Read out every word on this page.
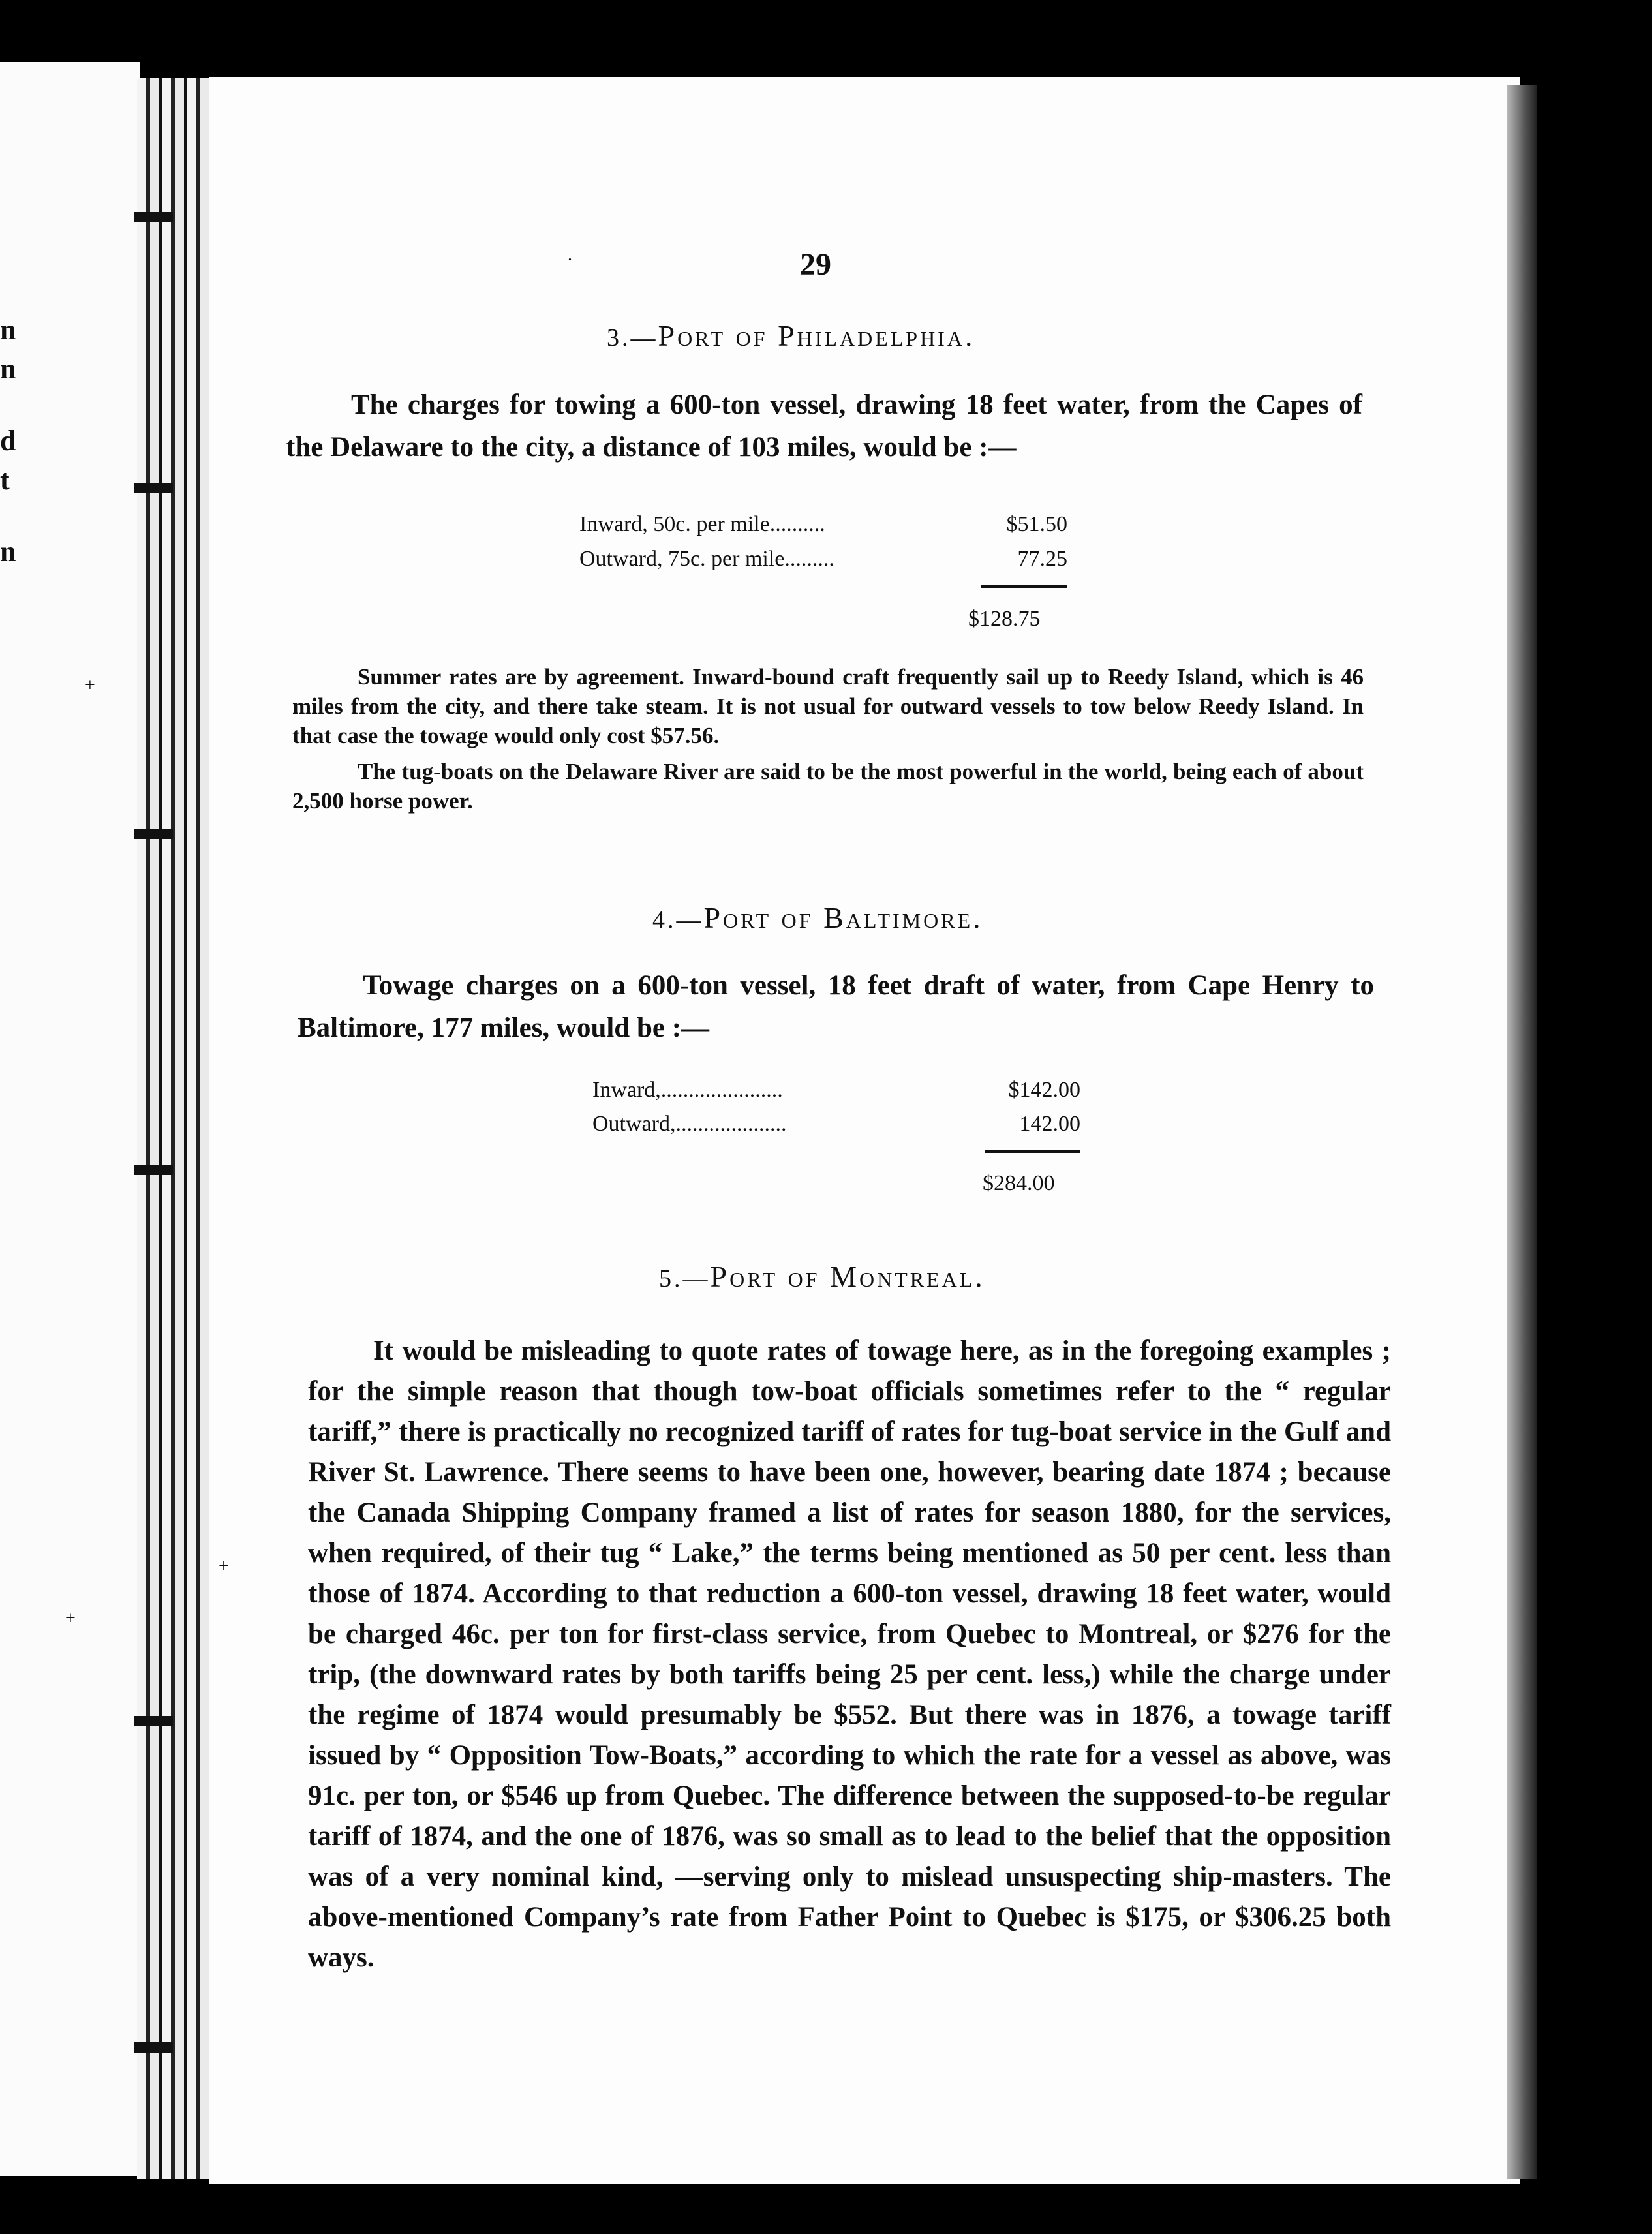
n
n
d
t
n
+
+
29
3.—Port of Philadelphia.

The charges for towing a 600-ton vessel, drawing 18 feet water, from the Capes of the Delaware to the city, a distance of 103 miles, would be :—

Inward, 50c. per mile..........	$51.50
Outward, 75c. per mile.........	77.25
$128.75

Summer rates are by agreement. Inward-bound craft frequently sail up to Reedy Island, which is 46 miles from the city, and there take steam. It is not usual for outward vessels to tow below Reedy Island. In that case the towage would only cost $57.56.

The tug-boats on the Delaware River are said to be the most powerful in the world, being each of about 2,500 horse power.

4.—Port of Baltimore.

Towage charges on a 600-ton vessel, 18 feet draft of water, from Cape Henry to Baltimore, 177 miles, would be :—

Inward,......................	$142.00
Outward,....................	142.00
$284.00
5.—Port of Montreal.

It would be misleading to quote rates of towage here, as in the foregoing examples ; for the simple reason that though tow-boat officials sometimes refer to the “ regular tariff,” there is practically no recognized tariff of rates for tug-boat service in the Gulf and River St. Lawrence. There seems to have been one, however, bearing date 1874 ; because the Canada Shipping Company framed a list of rates for season 1880, for the services, when required, of their tug “ Lake,” the terms being mentioned as 50 per cent. less than those of 1874. According to that reduction a 600-ton vessel, drawing 18 feet water, would be charged 46c. per ton for first-class service, from Quebec to Montreal, or $276 for the trip, (the downward rates by both tariffs being 25 per cent. less,) while the charge under the regime of 1874 would presumably be $552. But there was in 1876, a towage tariff issued by “ Opposition Tow-Boats,” according to which the rate for a vessel as above, was 91c. per ton, or $546 up from Quebec. The difference between the supposed-to-be regular tariff of 1874, and the one of 1876, was so small as to lead to the belief that the opposition was of a very nominal kind, —serving only to mislead unsuspecting ship-masters. The above-mentioned Company’s rate from Father Point to Quebec is $175, or $306.25 both ways.

.
+
